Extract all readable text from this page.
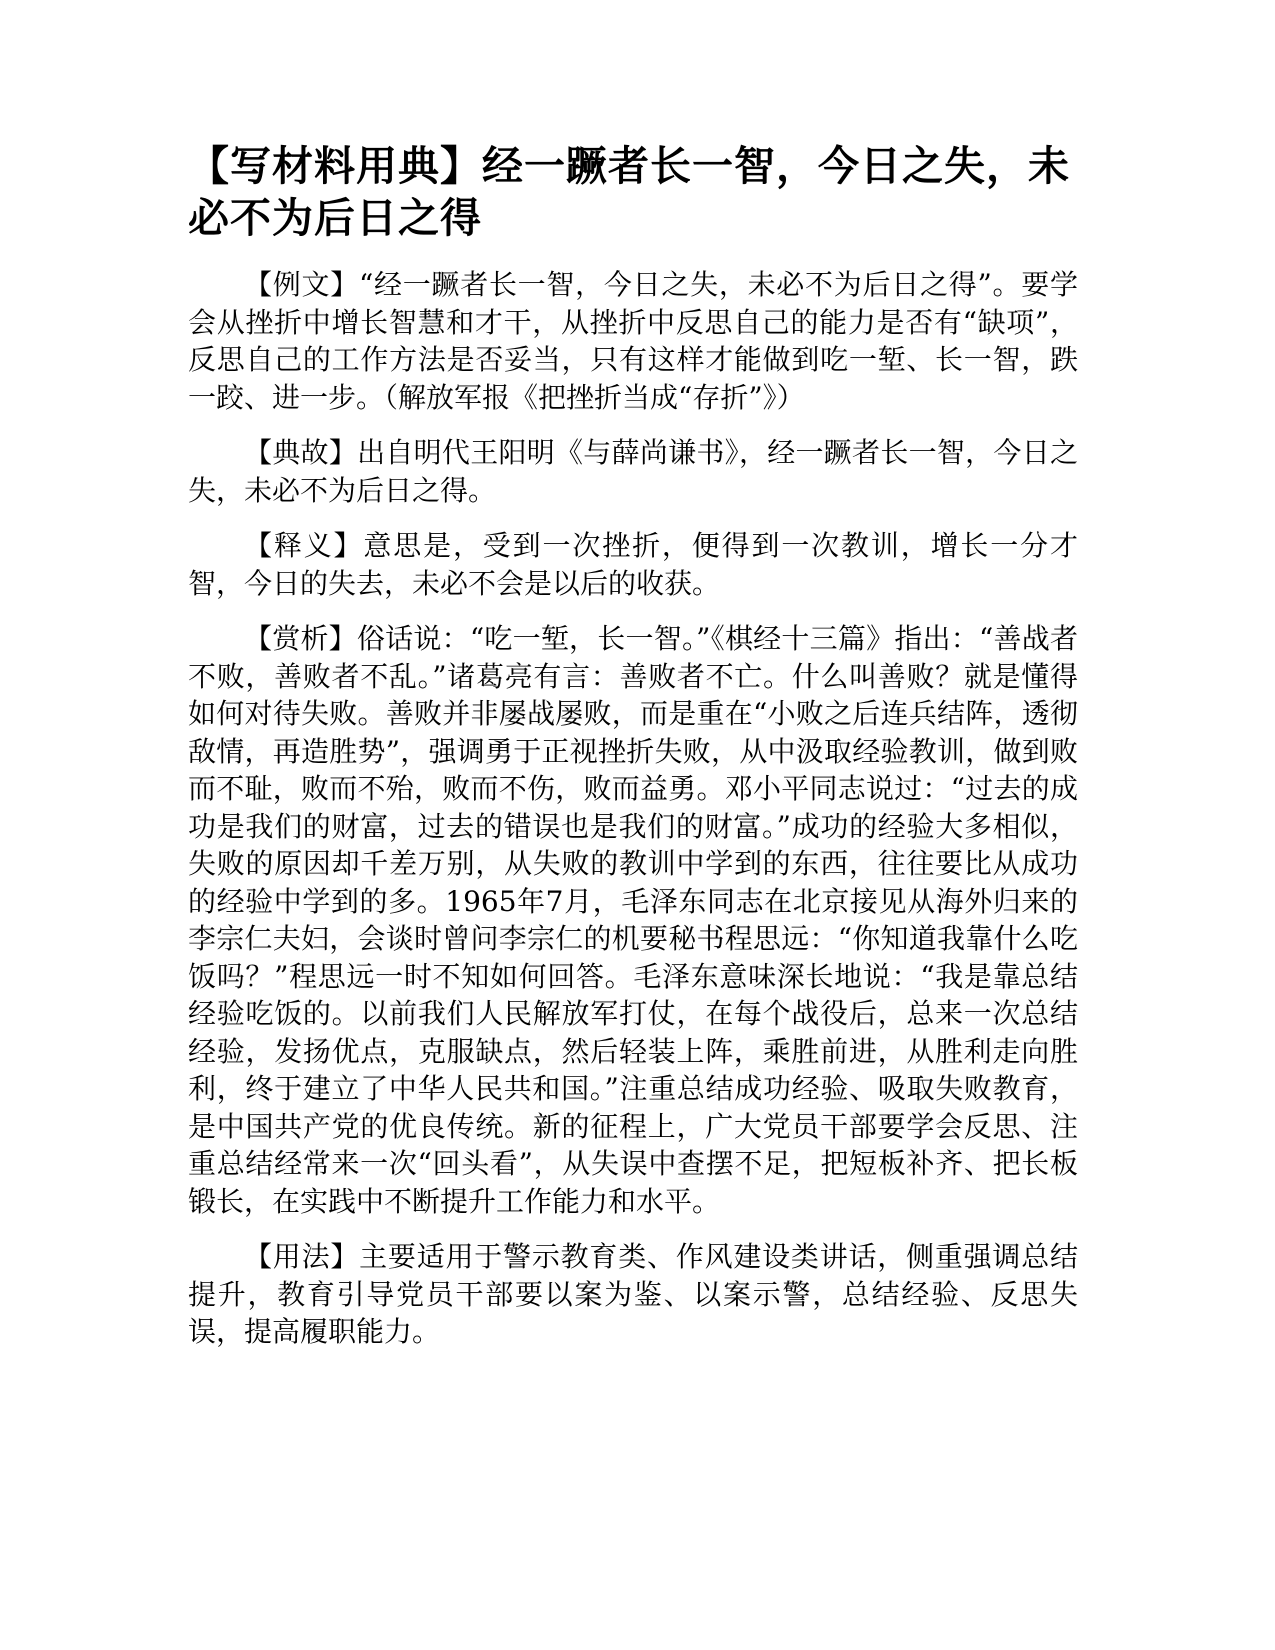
【写材料用典】经一蹶者长一智，今日之失，未必不为后日之得

【例文】“经一蹶者长一智，今日之失，未必不为后日之得”。要学会从挫折中增长智慧和才干，从挫折中反思自己的能力是否有“缺项”，反思自己的工作方法是否妥当，只有这样才能做到吃一堑、长一智，跌一跤、进一步。（解放军报《把挫折当成“存折”》）

【典故】出自明代王阳明《与薛尚谦书》，经一蹶者长一智，今日之失，未必不为后日之得。

【释义】意思是，受到一次挫折，便得到一次教训，增长一分才智，今日的失去，未必不会是以后的收获。

【赏析】俗话说：“吃一堑，长一智。”《棋经十三篇》指出：“善战者不败，善败者不乱。”诸葛亮有言：善败者不亡。什么叫善败？就是懂得如何对待失败。善败并非屡战屡败，而是重在“小败之后连兵结阵，透彻敌情，再造胜势”，强调勇于正视挫折失败，从中汲取经验教训，做到败而不耻，败而不殆，败而不伤，败而益勇。邓小平同志说过：“过去的成功是我们的财富，过去的错误也是我们的财富。”成功的经验大多相似，失败的原因却千差万别，从失败的教训中学到的东西，往往要比从成功的经验中学到的多。1965年7月，毛泽东同志在北京接见从海外归来的李宗仁夫妇，会谈时曾问李宗仁的机要秘书程思远：“你知道我靠什么吃饭吗？”程思远一时不知如何回答。毛泽东意味深长地说：“我是靠总结经验吃饭的。以前我们人民解放军打仗，在每个战役后，总来一次总结经验，发扬优点，克服缺点，然后轻装上阵，乘胜前进，从胜利走向胜利，终于建立了中华人民共和国。”注重总结成功经验、吸取失败教育，是中国共产党的优良传统。新的征程上，广大党员干部要学会反思、注重总结经常来一次“回头看”，从失误中查摆不足，把短板补齐、把长板锻长，在实践中不断提升工作能力和水平。

【用法】主要适用于警示教育类、作风建设类讲话，侧重强调总结提升，教育引导党员干部要以案为鉴、以案示警，总结经验、反思失误，提高履职能力。
